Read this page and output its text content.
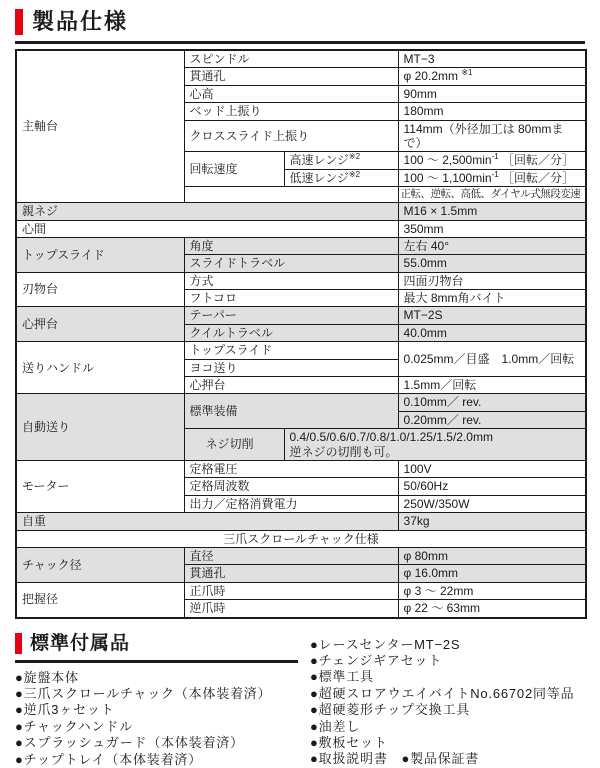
製品仕様
主軸台	スピンドル		MT−3
	貫通孔		φ 20.2mm $^{※1}$
	心高		90mm
	ベッド上振り		180mm
	クロススライド上振り		114mm（外径加工は 80mmまで）
	回転速度	高速レンジ$^{※2}$	100 ～ $2,500\min^{-1}$ ［回転／分］
		低速レンジ$^{※2}$	100 ～ $1,100\min^{-1}$ ［回転／分］
			正転、逆転、高低、ダイヤル式無段変速
親ネジ			M16 × 1.5mm
心間			350mm
トップスライド	角度		左右 40°
	スライドトラベル		55.0mm
刃物台	方式		四面刃物台
	フトコロ		最大 8mm角バイト
心押台	テーパー		MT−2S
	クイルトラベル		40.0mm
送りハンドル	トップスライド		0.025mm／目盛　1.0mm／回転
	ヨコ送り		
	心押台		1.5mm／回転
自動送り	標準装備		0.10mm／ rev.
			0.20mm／ rev.
	ネジ切削	0.4/0.5/0.6/0.7/0.8/1.0/1.25/1.5/2.0mm
逆ネジの切削も可。	
モーター	定格電圧		100V
	定格周波数		50/60Hz
	出力／定格消費電力		250W/350W
自重			37kg
三爪スクロールチャック仕様			
チャック径	直径		φ 80mm
	貫通孔		φ 16.0mm
把握径	正爪時		φ 3 ～ 22mm
	逆爪時		φ 22 ～ 63mm
標準付属品
●旋盤本体
●三爪スクロールチャック（本体装着済）
●逆爪3ヶセット
●チャックハンドル
●スプラッシュガード（本体装着済）
●チップトレイ（本体装着済）
●レースセンターMT−2S
●チェンジギアセット
●標準工具
●超硬スロアウエイバイトNo.66702同等品
●超硬菱形チップ交換工具
●油差し
●敷板セット
●取扱説明書　●製品保証書
